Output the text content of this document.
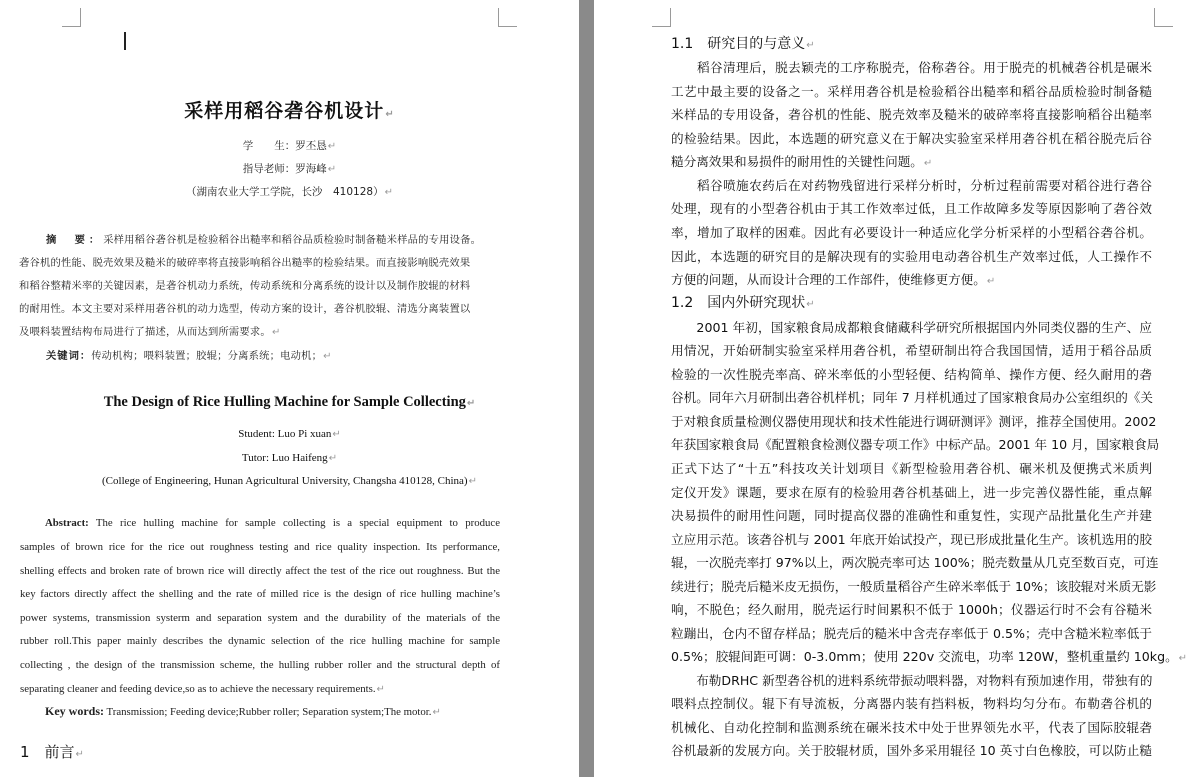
采样用稻谷砻谷机设计↵
学　　生：罗丕恳↵
指导老师：罗海峰↵
（湖南农业大学工学院，长沙　410128）↵
摘　要：采样用稻谷砻谷机是检验稻谷出糙率和稻谷品质检验时制备糙米样品的专用设备。
砻谷机的性能、脱壳效果及糙米的破碎率将直接影响稻谷出糙率的检验结果。而直接影响脱壳效果
和稻谷整精米率的关键因素，是砻谷机动力系统，传动系统和分离系统的设计以及制作胶辊的材料
的耐用性。本文主要对采样用砻谷机的动力选型，传动方案的设计，砻谷机胶辊、清选分离装置以
及喂料装置结构布局进行了描述，从而达到所需要求。↵
关键词：传动机构；喂料装置；胶辊；分离系统；电动机；↵
The Design of Rice Hulling Machine for Sample Collecting↵
Student: Luo Pi xuan↵
Tutor: Luo Haifeng↵
(College of Engineering, Hunan Agricultural University, Changsha 410128, China)↵
Abstract: The rice hulling machine for sample collecting is a special equipment to produce
samples of brown rice for the rice out roughness testing and rice quality inspection. Its performance,
shelling effects and broken rate of brown rice will directly affect the test of the rice out roughness. But the
key factors directly affect the shelling and the rate of milled rice is the design of rice hulling machine’s
power systems, transmission systerm and separation system and the durability of the materials of the
rubber roll.This paper mainly describes the dynamic selection of the rice hulling machine for sample
collecting , the design of the transmission scheme, the hulling rubber roller and the structural depth of
separating cleaner and feeding device,so as to achieve the necessary requirements.↵
Key words: Transmission; Feeding device;Rubber roller; Separation system;The motor.↵
1　前言↵
1.1　研究目的与意义↵
　　稻谷清理后，脱去颖壳的工序称脱壳，俗称砻谷。用于脱壳的机械砻谷机是碾米
工艺中最主要的设备之一。采样用砻谷机是检验稻谷出糙率和稻谷品质检验时制备糙
米样品的专用设备，砻谷机的性能、脱壳效率及糙米的破碎率将直接影响稻谷出糙率
的检验结果。因此，本选题的研究意义在于解决实验室采样用砻谷机在稻谷脱壳后谷
糙分离效果和易损件的耐用性的关键性问题。↵
　　稻谷喷施农药后在对药物残留进行采样分析时，分析过程前需要对稻谷进行砻谷
处理，现有的小型砻谷机由于其工作效率过低，且工作故障多发等原因影响了砻谷效
率，增加了取样的困难。因此有必要设计一种适应化学分析采样的小型稻谷砻谷机。
因此，本选题的研究目的是解决现有的实验用电动砻谷机生产效率过低，人工操作不
方便的问题，从而设计合理的工作部件，使维修更方便。↵
1.2　国内外研究现状↵
　　2001 年初，国家粮食局成都粮食储藏科学研究所根据国内外同类仪器的生产、应
用情况，开始研制实验室采样用砻谷机，希望研制出符合我国国情，适用于稻谷品质
检验的一次性脱壳率高、碎米率低的小型轻便、结构简单、操作方便、经久耐用的砻
谷机。同年六月研制出砻谷机样机；同年 7 月样机通过了国家粮食局办公室组织的《关
于对粮食质量检测仪器使用现状和技术性能进行调研测评》测评，推荐全国使用。2002
年获国家粮食局《配置粮食检测仪器专项工作》中标产品。2001 年 10 月，国家粮食局
正式下达了“十五”科技攻关计划项目《新型检验用砻谷机、碾米机及便携式米质判
定仪开发》课题，要求在原有的检验用砻谷机基础上，进一步完善仪器性能，重点解
决易损件的耐用性问题，同时提高仪器的准确性和重复性，实现产品批量化生产并建
立应用示范。该砻谷机与 2001 年底开始试投产，现已形成批量化生产。该机选用的胶
辊，一次脱壳率打 97%以上，两次脱壳率可达 100%；脱壳数量从几克至数百克，可连
续进行；脱壳后糙米皮无损伤，一般质量稻谷产生碎米率低于 10%；该胶辊对米质无影
响，不脱色；经久耐用，脱壳运行时间累积不低于 1000h；仪器运行时不会有谷糙米
粒蹦出，仓内不留存样品；脱壳后的糙米中含壳存率低于 0.5%；壳中含糙米粒率低于
0.5%；胶辊间距可调：0-3.0mm；使用 220v 交流电，功率 120W，整机重量约 10kg。↵
　　布勒DRHC 新型砻谷机的进料系统带振动喂料器，对物料有预加速作用，带独有的
喂料点控制仪。辊下有导流板，分离器内装有挡料板，物料均匀分布。布勒砻谷机的
机械化、自动化控制和监测系统在碾米技术中处于世界领先水平，代表了国际胶辊砻
谷机最新的发展方向。关于胶辊材质，国外多采用辊径 10 英寸白色橡胶，可以防止糙
